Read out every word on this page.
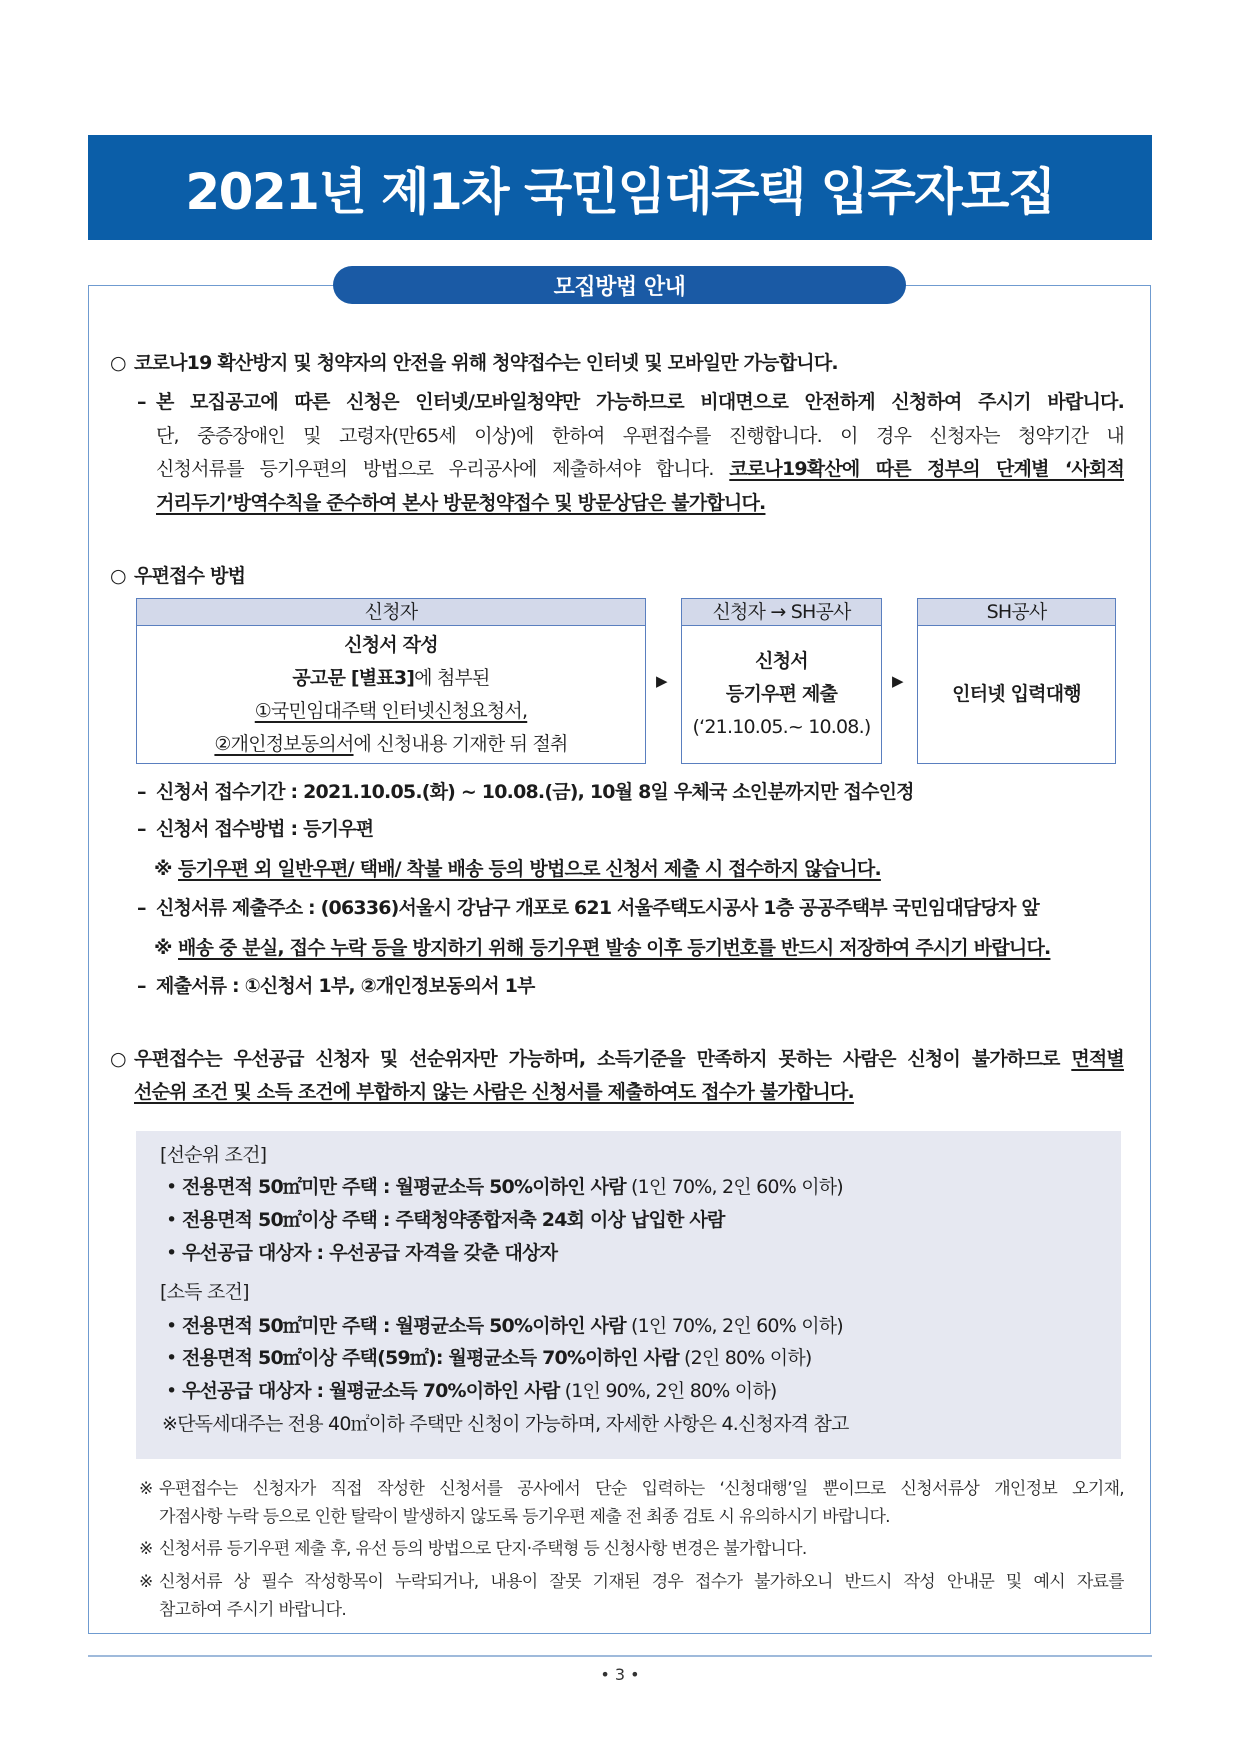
2021년 제1차 국민임대주택 입주자모집
모집방법 안내
○ 코로나19 확산방지 및 청약자의 안전을 위해 청약접수는 인터넷 및 모바일만 가능합니다.
– 본 모집공고에 따른 신청은 인터넷/모바일청약만 가능하므로 비대면으로 안전하게 신청하여 주시기 바랍니다.
단, 중증장애인 및 고령자(만65세 이상)에 한하여 우편접수를 진행합니다. 이 경우 신청자는 청약기간 내
신청서류를 등기우편의 방법으로 우리공사에 제출하셔야 합니다. 코로나19확산에 따른 정부의 단계별 ‘사회적
거리두기’방역수칙을 준수하여 본사 방문청약접수 및 방문상담은 불가합니다.
○ 우편접수 방법
신청자
신청서 작성
공고문 [별표3]에 첨부된
①국민임대주택 인터넷신청요청서,
②개인정보동의서에 신청내용 기재한 뒤 절취
▶
신청자 → SH공사
신청서
등기우편 제출
(‘21.10.05.~ 10.08.)
▶
SH공사
인터넷 입력대행
– 신청서 접수기간 : 2021.10.05.(화) ~ 10.08.(금), 10월 8일 우체국 소인분까지만 접수인정
– 신청서 접수방법 : 등기우편
※ 등기우편 외 일반우편/ 택배/ 착불 배송 등의 방법으로 신청서 제출 시 접수하지 않습니다.
– 신청서류 제출주소 : (06336)서울시 강남구 개포로 621 서울주택도시공사 1층 공공주택부 국민임대담당자 앞
※ 배송 중 분실, 접수 누락 등을 방지하기 위해 등기우편 발송 이후 등기번호를 반드시 저장하여 주시기 바랍니다.
– 제출서류 : ①신청서 1부, ②개인정보동의서 1부
○ 우편접수는 우선공급 신청자 및 선순위자만 가능하며, 소득기준을 만족하지 못하는 사람은 신청이 불가하므로 면적별
선순위 조건 및 소득 조건에 부합하지 않는 사람은 신청서를 제출하여도 접수가 불가합니다.
[선순위 조건]
• 전용면적 50㎡미만 주택 : 월평균소득 50%이하인 사람 (1인 70%, 2인 60% 이하)
• 전용면적 50㎡이상 주택 : 주택청약종합저축 24회 이상 납입한 사람
• 우선공급 대상자 : 우선공급 자격을 갖춘 대상자
[소득 조건]
• 전용면적 50㎡미만 주택 : 월평균소득 50%이하인 사람 (1인 70%, 2인 60% 이하)
• 전용면적 50㎡이상 주택(59㎡): 월평균소득 70%이하인 사람 (2인 80% 이하)
• 우선공급 대상자 : 월평균소득 70%이하인 사람 (1인 90%, 2인 80% 이하)
※단독세대주는 전용 40㎡이하 주택만 신청이 가능하며, 자세한 사항은 4.신청자격 참고
※ 우편접수는 신청자가 직접 작성한 신청서를 공사에서 단순 입력하는 ‘신청대행’일 뿐이므로 신청서류상 개인정보 오기재,
가점사항 누락 등으로 인한 탈락이 발생하지 않도록 등기우편 제출 전 최종 검토 시 유의하시기 바랍니다.
※ 신청서류 등기우편 제출 후, 유선 등의 방법으로 단지·주택형 등 신청사항 변경은 불가합니다.
※ 신청서류 상 필수 작성항목이 누락되거나, 내용이 잘못 기재된 경우 접수가 불가하오니 반드시 작성 안내문 및 예시 자료를
참고하여 주시기 바랍니다.
• 3 •
